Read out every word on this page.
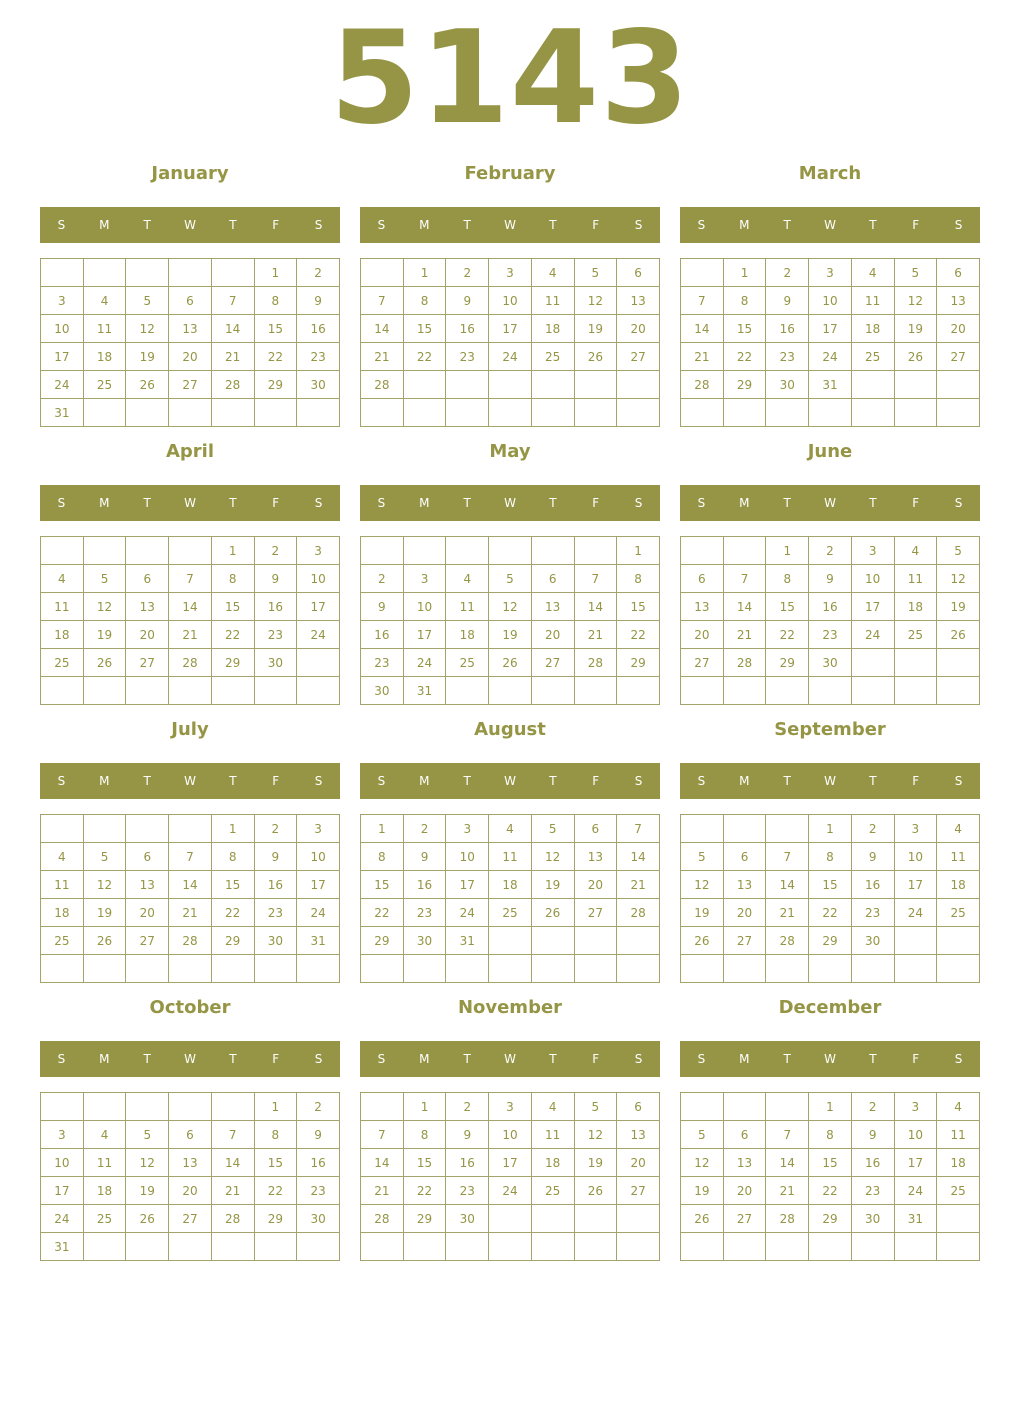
5143
January
S	M	T	W	T	F	S
					1	2
3	4	5	6	7	8	9
10	11	12	13	14	15	16
17	18	19	20	21	22	23
24	25	26	27	28	29	30
31						
February
S	M	T	W	T	F	S
	1	2	3	4	5	6
7	8	9	10	11	12	13
14	15	16	17	18	19	20
21	22	23	24	25	26	27
28						

March
S	M	T	W	T	F	S
	1	2	3	4	5	6
7	8	9	10	11	12	13
14	15	16	17	18	19	20
21	22	23	24	25	26	27
28	29	30	31			

April
S	M	T	W	T	F	S
				1	2	3
4	5	6	7	8	9	10
11	12	13	14	15	16	17
18	19	20	21	22	23	24
25	26	27	28	29	30	

May
S	M	T	W	T	F	S
						1
2	3	4	5	6	7	8
9	10	11	12	13	14	15
16	17	18	19	20	21	22
23	24	25	26	27	28	29
30	31					
June
S	M	T	W	T	F	S
		1	2	3	4	5
6	7	8	9	10	11	12
13	14	15	16	17	18	19
20	21	22	23	24	25	26
27	28	29	30			

July
S	M	T	W	T	F	S
				1	2	3
4	5	6	7	8	9	10
11	12	13	14	15	16	17
18	19	20	21	22	23	24
25	26	27	28	29	30	31

August
S	M	T	W	T	F	S
1	2	3	4	5	6	7
8	9	10	11	12	13	14
15	16	17	18	19	20	21
22	23	24	25	26	27	28
29	30	31				

September
S	M	T	W	T	F	S
			1	2	3	4
5	6	7	8	9	10	11
12	13	14	15	16	17	18
19	20	21	22	23	24	25
26	27	28	29	30		

October
S	M	T	W	T	F	S
					1	2
3	4	5	6	7	8	9
10	11	12	13	14	15	16
17	18	19	20	21	22	23
24	25	26	27	28	29	30
31						
November
S	M	T	W	T	F	S
	1	2	3	4	5	6
7	8	9	10	11	12	13
14	15	16	17	18	19	20
21	22	23	24	25	26	27
28	29	30				

December
S	M	T	W	T	F	S
			1	2	3	4
5	6	7	8	9	10	11
12	13	14	15	16	17	18
19	20	21	22	23	24	25
26	27	28	29	30	31	
